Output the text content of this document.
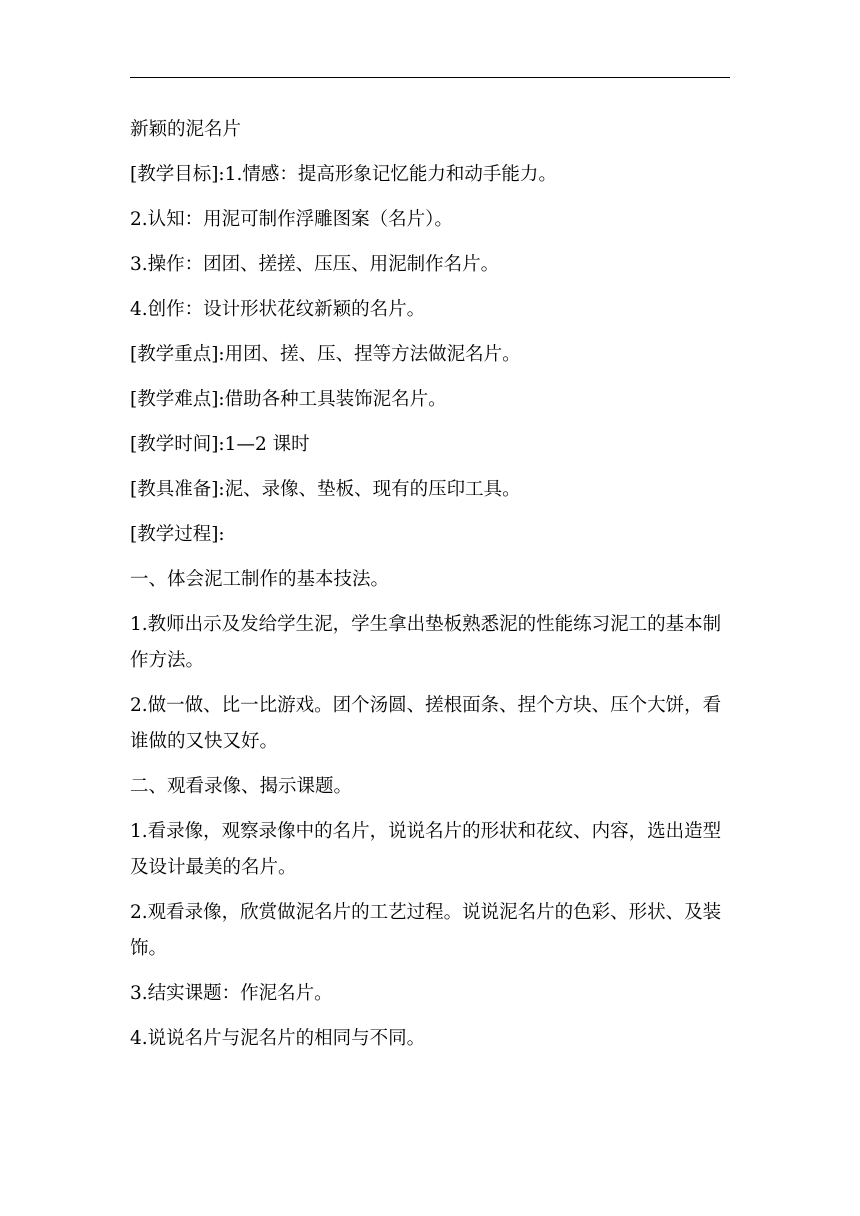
新颖的泥名片

[教学目标]:1.情感：提高形象记忆能力和动手能力。

2.认知：用泥可制作浮雕图案（名片）。

3.操作：团团、搓搓、压压、用泥制作名片。

4.创作：设计形状花纹新颖的名片。

[教学重点]:用团、搓、压、捏等方法做泥名片。

[教学难点]:借助各种工具装饰泥名片。

[教学时间]:1—2 课时

[教具准备]:泥、录像、垫板、现有的压印工具。

[教学过程]:

一、体会泥工制作的基本技法。

1.教师出示及发给学生泥，学生拿出垫板熟悉泥的性能练习泥工的基本制作方法。

2.做一做、比一比游戏。团个汤圆、搓根面条、捏个方块、压个大饼，看谁做的又快又好。

二、观看录像、揭示课题。

1.看录像，观察录像中的名片，说说名片的形状和花纹、内容，选出造型及设计最美的名片。

2.观看录像，欣赏做泥名片的工艺过程。说说泥名片的色彩、形状、及装饰。

3.结实课题：作泥名片。

4.说说名片与泥名片的相同与不同。
